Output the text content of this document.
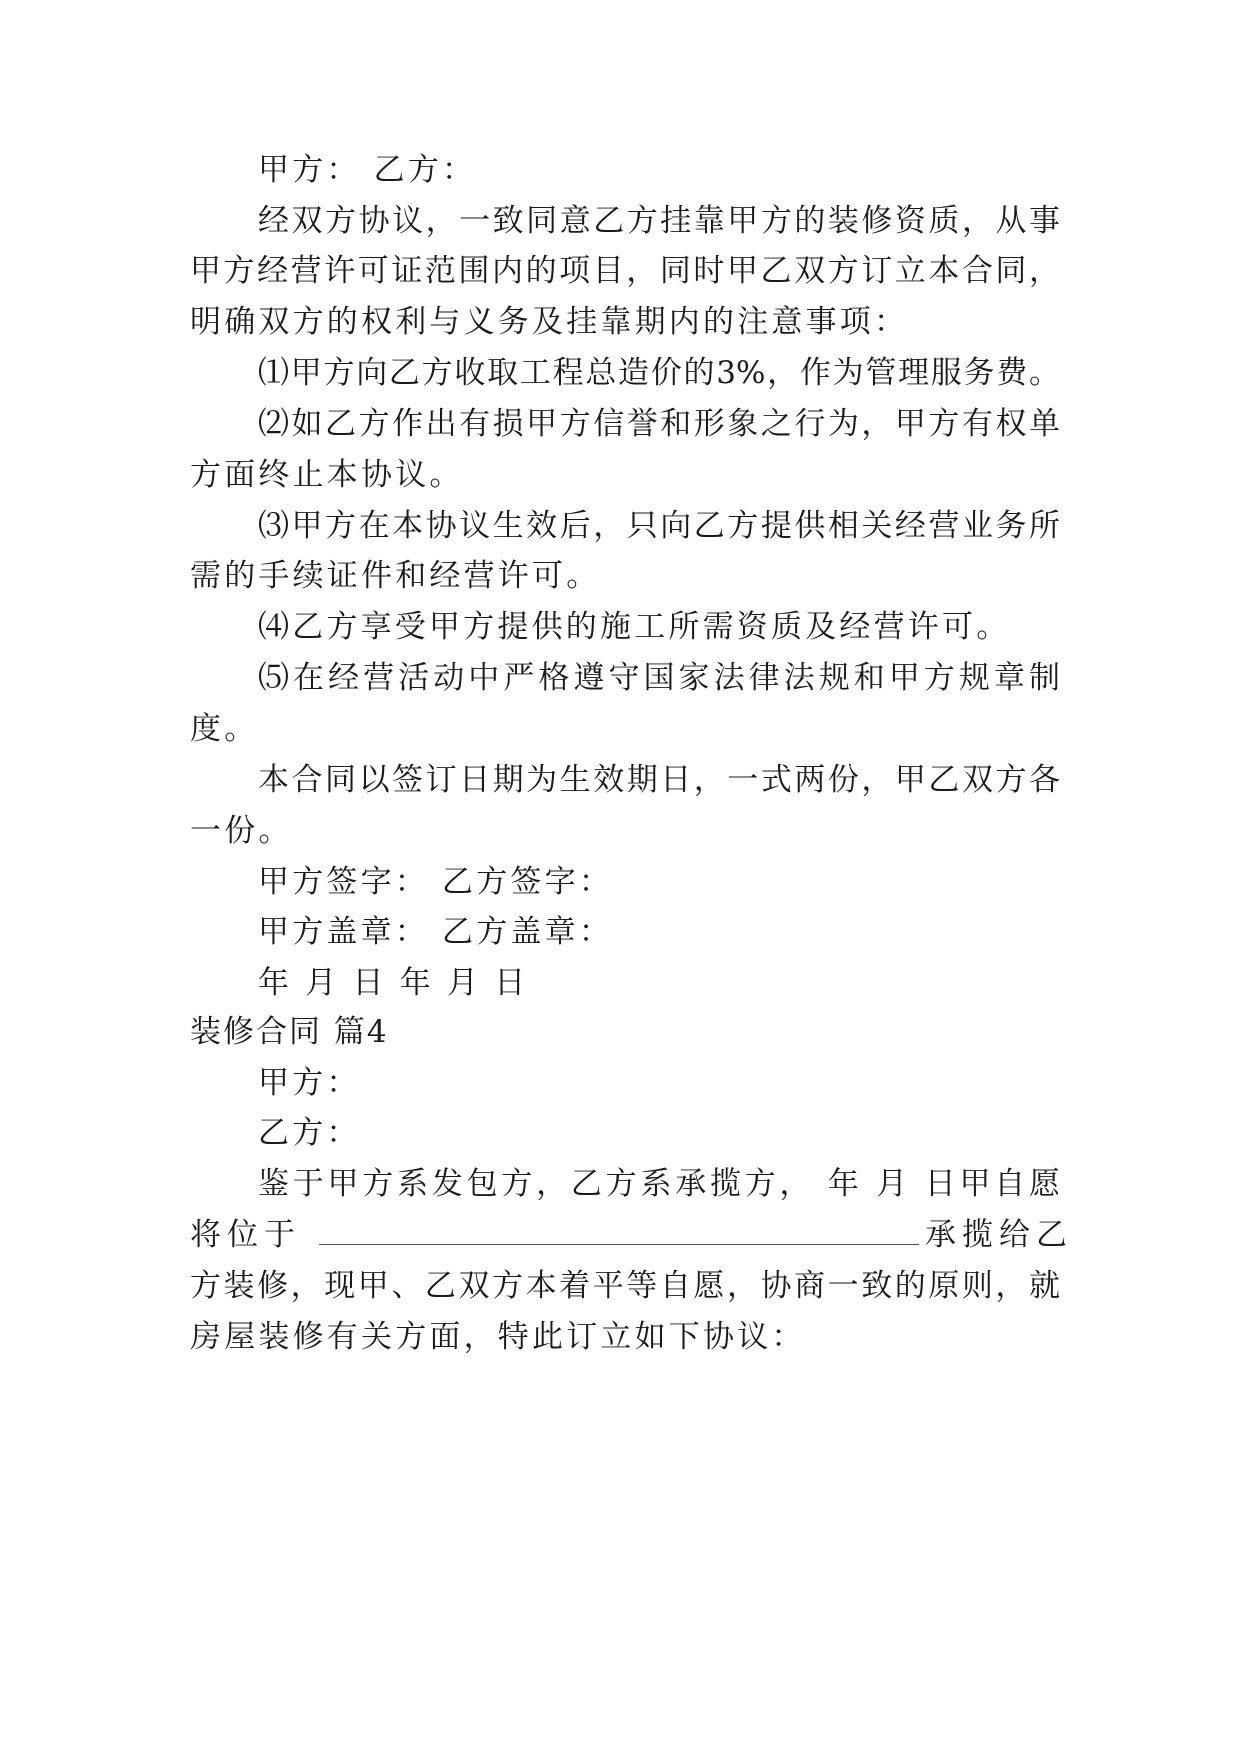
甲方： 乙方：
经双方协议，一致同意乙方挂靠甲方的装修资质，从事
甲方经营许可证范围内的项目，同时甲乙双方订立本合同，
明确双方的权利与义务及挂靠期内的注意事项：
⑴甲方向乙方收取工程总造价的3%，作为管理服务费。
⑵如乙方作出有损甲方信誉和形象之行为，甲方有权单
方面终止本协议。
⑶甲方在本协议生效后，只向乙方提供相关经营业务所
需的手续证件和经营许可。
⑷乙方享受甲方提供的施工所需资质及经营许可。
⑸在经营活动中严格遵守国家法律法规和甲方规章制
度。
本合同以签订日期为生效期日，一式两份，甲乙双方各
一份。
甲方签字： 乙方签字：
甲方盖章： 乙方盖章：
年 月 日 年 月 日
装修合同 篇4
甲方：
乙方：
鉴于甲方系发包方，乙方系承揽方， 年 月 日甲自愿
将位于	承揽给乙
方装修，现甲、乙双方本着平等自愿，协商一致的原则，就
房屋装修有关方面，特此订立如下协议：
